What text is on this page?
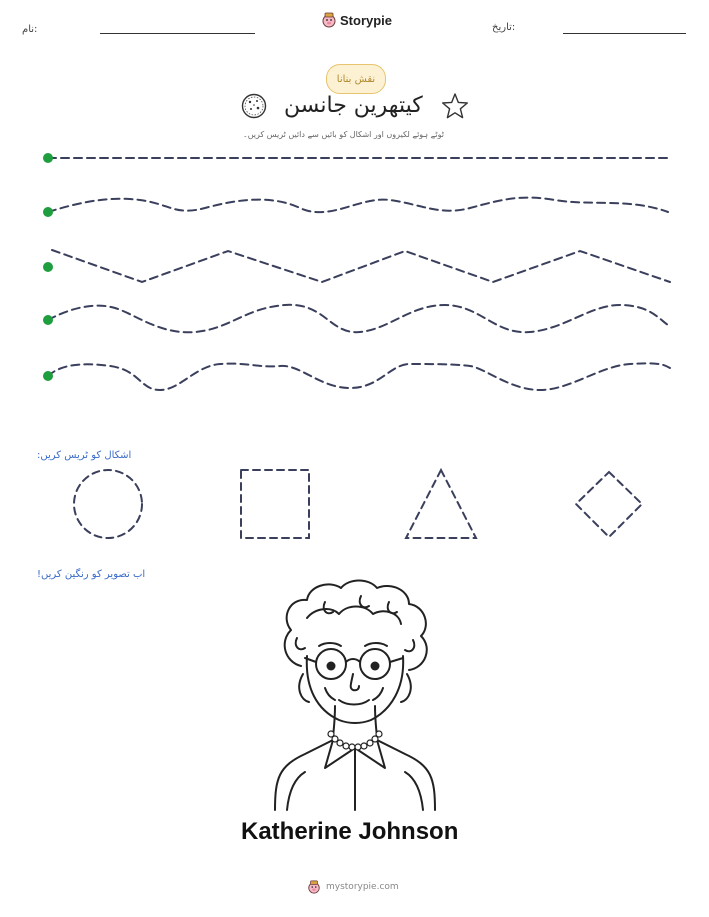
نام:
Storypie	تاریخ:
نقش بنانا
کیتھرین جانسن
ٹوٹے ہوئے لکیروں اور اشکال کو بائیں سے دائیں ٹریس کریں۔
اشکال کو ٹریس کریں:
اب تصویر کو رنگین کریں!
Katherine Johnson
mystorypie.com
